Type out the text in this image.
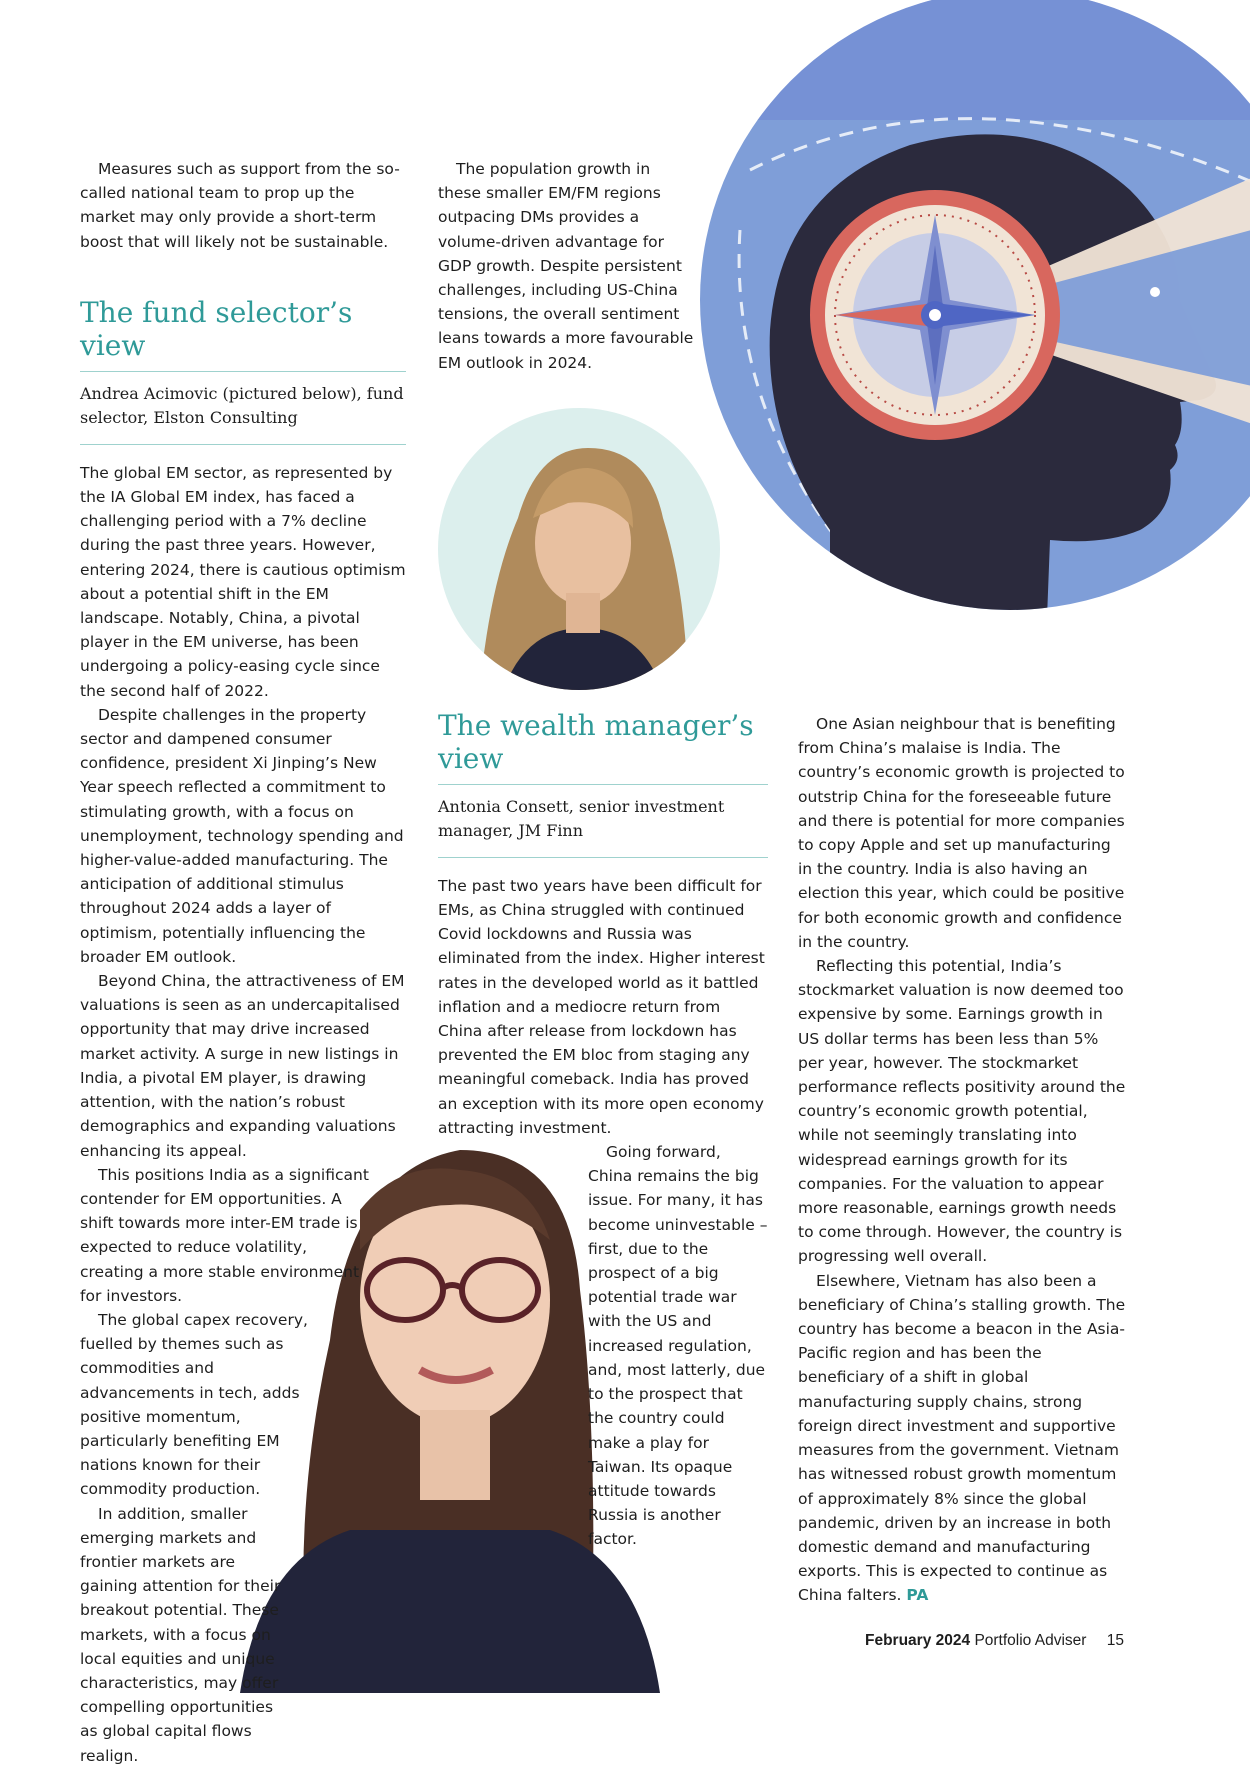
Measures such as support from the so-called national team to prop up the market may only provide a short-term boost that will likely not be sustainable.

The fund selector’s view

Andrea Acimovic (pictured below), fund selector, Elston Consulting

The global EM sector, as represented by the IA Global EM index, has faced a challenging period with a 7% decline during the past three years. However, entering 2024, there is cautious optimism about a potential shift in the EM landscape. Notably, China, a pivotal player in the EM universe, has been undergoing a policy-easing cycle since the second half of 2022.

Despite challenges in the property sector and dampened consumer confidence, president Xi Jinping’s New Year speech reflected a commitment to stimulating growth, with a focus on unemployment, technology spending and higher-value-added manufacturing. The anticipation of additional stimulus throughout 2024 adds a layer of optimism, potentially influencing the broader EM outlook.

Beyond China, the attractiveness of EM valuations is seen as an undercapitalised opportunity that may drive increased market activity. A surge in new listings in India, a pivotal EM player, is drawing attention, with the nation’s robust demographics and expanding valuations enhancing its appeal.

This positions India as a significant contender for EM opportunities. A shift towards more inter-EM trade is expected to reduce volatility, creating a more stable environment for investors.

The global capex recovery, fuelled by themes such as commodities and advancements in tech, adds positive momentum, particularly benefiting EM nations known for their commodity production.

In addition, smaller emerging markets and frontier markets are gaining attention for their breakout potential. These markets, with a focus on local equities and unique characteristics, may offer compelling opportunities as global capital flows realign.

The population growth in these smaller EM/FM regions outpacing DMs provides a volume-driven advantage for GDP growth. Despite persistent challenges, including US-China tensions, the overall sentiment leans towards a more favourable EM outlook in 2024.

The wealth manager’s view

Antonia Consett, senior investment manager, JM Finn

The past two years have been difficult for EMs, as China struggled with continued Covid lockdowns and Russia was eliminated from the index. Higher interest rates in the developed world as it battled inflation and a mediocre return from China after release from lockdown has prevented the EM bloc from staging any meaningful comeback. India has proved an exception with its more open economy attracting investment.

Going forward, China remains the big issue. For many, it has become uninvestable – first, due to the prospect of a big potential trade war with the US and increased regulation, and, most latterly, due to the prospect that the country could make a play for Taiwan. Its opaque attitude towards Russia is another factor.

One Asian neighbour that is benefiting from China’s malaise is India. The country’s economic growth is projected to outstrip China for the foreseeable future and there is potential for more companies to copy Apple and set up manufacturing in the country. India is also having an election this year, which could be positive for both economic growth and confidence in the country.

Reflecting this potential, India’s stockmarket valuation is now deemed too expensive by some. Earnings growth in US dollar terms has been less than 5% per year, however. The stockmarket performance reflects positivity around the country’s economic growth potential, while not seemingly translating into widespread earnings growth for its companies. For the valuation to appear more reasonable, earnings growth needs to come through. However, the country is progressing well overall.

Elsewhere, Vietnam has also been a beneficiary of China’s stalling growth. The country has become a beacon in the Asia-Pacific region and has been the beneficiary of a shift in global manufacturing supply chains, strong foreign direct investment and supportive measures from the government. Vietnam has witnessed robust growth momentum of approximately 8% since the global pandemic, driven by an increase in both domestic demand and manufacturing exports. This is expected to continue as China falters. PA

February 2024 Portfolio Adviser 15
